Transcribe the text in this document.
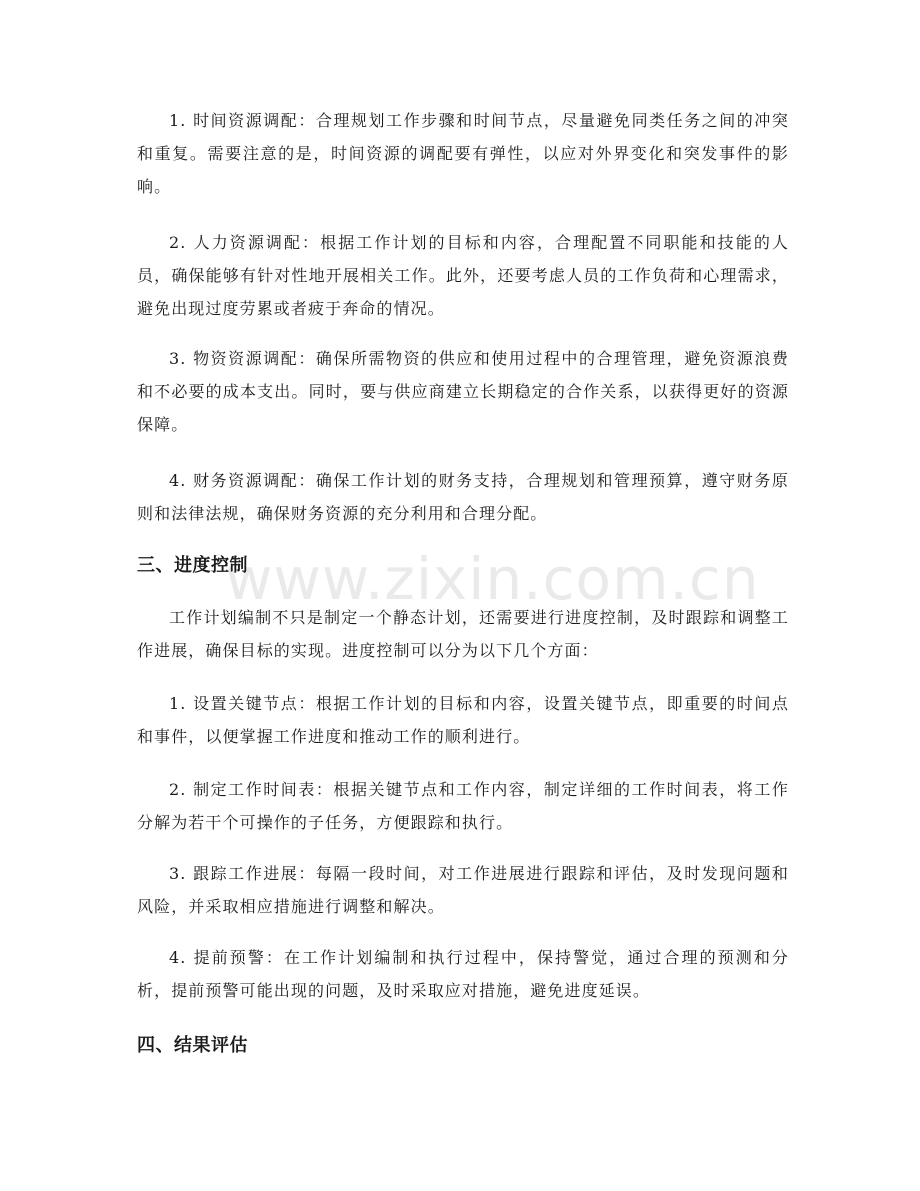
www.zixin.com.cn

1. 时间资源调配：合理规划工作步骤和时间节点，尽量避免同类任务之间的冲突和重复。需要注意的是，时间资源的调配要有弹性，以应对外界变化和突发事件的影响。

2. 人力资源调配：根据工作计划的目标和内容，合理配置不同职能和技能的人员，确保能够有针对性地开展相关工作。此外，还要考虑人员的工作负荷和心理需求，避免出现过度劳累或者疲于奔命的情况。

3. 物资资源调配：确保所需物资的供应和使用过程中的合理管理，避免资源浪费和不必要的成本支出。同时，要与供应商建立长期稳定的合作关系，以获得更好的资源保障。

4. 财务资源调配：确保工作计划的财务支持，合理规划和管理预算，遵守财务原则和法律法规，确保财务资源的充分利用和合理分配。

三、进度控制

工作计划编制不只是制定一个静态计划，还需要进行进度控制，及时跟踪和调整工作进展，确保目标的实现。进度控制可以分为以下几个方面：

1. 设置关键节点：根据工作计划的目标和内容，设置关键节点，即重要的时间点和事件，以便掌握工作进度和推动工作的顺利进行。

2. 制定工作时间表：根据关键节点和工作内容，制定详细的工作时间表，将工作分解为若干个可操作的子任务，方便跟踪和执行。

3. 跟踪工作进展：每隔一段时间，对工作进展进行跟踪和评估，及时发现问题和风险，并采取相应措施进行调整和解决。

4. 提前预警：在工作计划编制和执行过程中，保持警觉，通过合理的预测和分析，提前预警可能出现的问题，及时采取应对措施，避免进度延误。

四、结果评估
